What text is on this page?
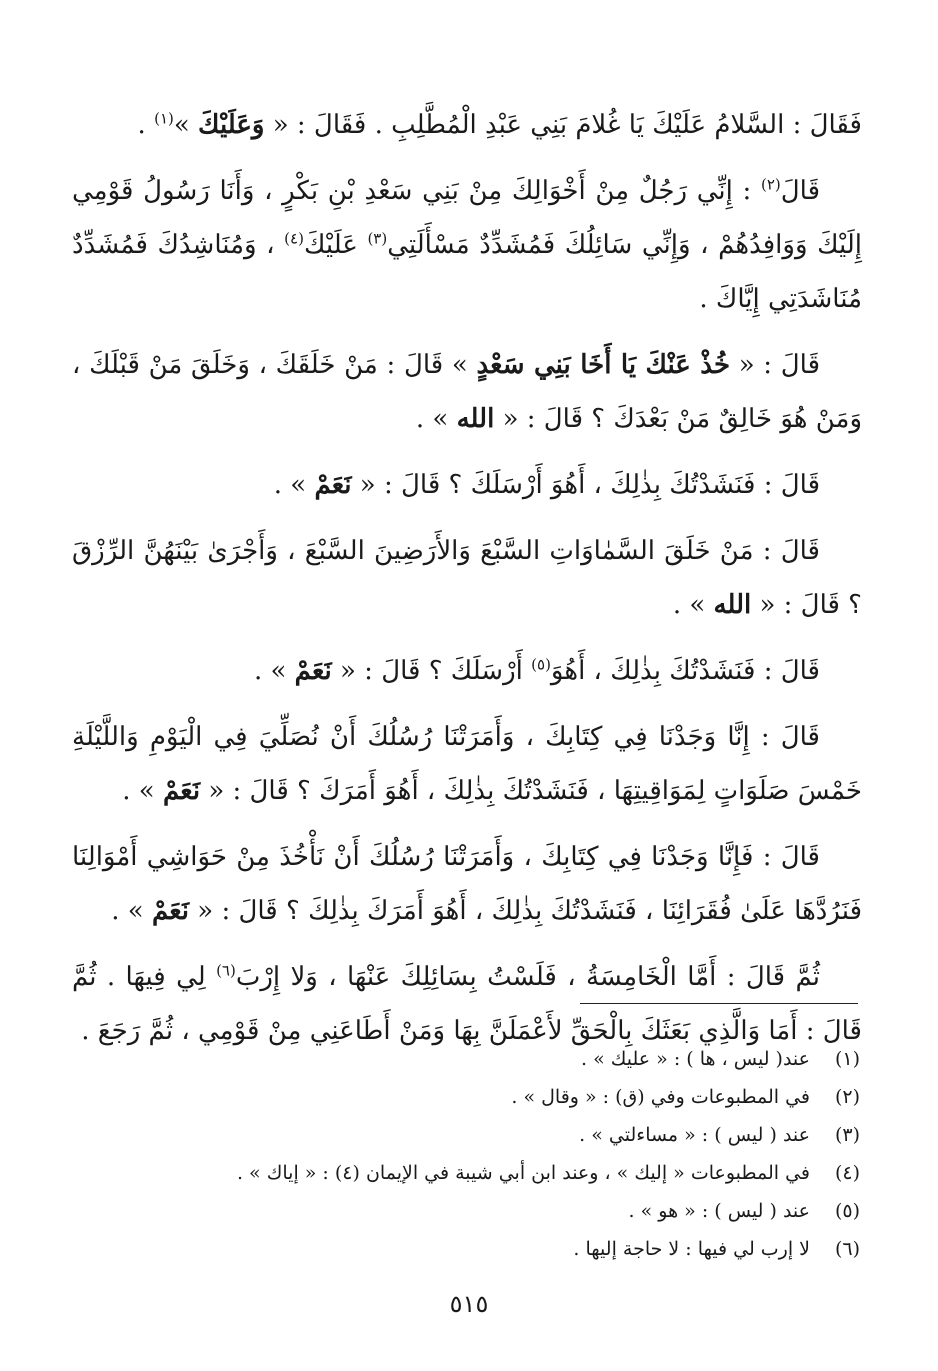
فَقَالَ : السَّلامُ عَلَيْكَ يَا غُلامَ بَنِي عَبْدِ الْمُطَّلِبِ . فَقَالَ : « وَعَلَيْكَ »$^{(١)}$ .

قَالَ$^{(٢)}$ : إِنِّي رَجُلٌ مِنْ أَخْوَالِكَ مِنْ بَنِي سَعْدِ بْنِ بَكْرٍ ، وَأَنَا رَسُولُ قَوْمِي إِلَيْكَ وَوَافِدُهُمْ ، وَإِنِّي سَائِلُكَ فَمُشَدِّدٌ مَسْأَلَتِي$^{(٣)}$ عَلَيْكَ$^{(٤)}$ ، وَمُنَاشِدُكَ فَمُشَدِّدٌ مُنَاشَدَتِي إِيَّاكَ .

قَالَ : « خُذْ عَنْكَ يَا أَخَا بَنِي سَعْدٍ » قَالَ : مَنْ خَلَقَكَ ، وَخَلَقَ مَنْ قَبْلَكَ ، وَمَنْ هُوَ خَالِقٌ مَنْ بَعْدَكَ ؟ قَالَ : « الله » .

قَالَ : فَنَشَدْتُكَ بِذٰلِكَ ، أَهُوَ أَرْسَلَكَ ؟ قَالَ : « نَعَمْ » .

قَالَ : مَنْ خَلَقَ السَّمٰاوَاتِ السَّبْعَ وَالأَرَضِينَ السَّبْعَ ، وَأَجْرَىٰ بَيْنَهُنَّ الرِّزْقَ ؟ قَالَ : « الله » .

قَالَ : فَنَشَدْتُكَ بِذٰلِكَ ، أَهُوَ$^{(٥)}$ أَرْسَلَكَ ؟ قَالَ : « نَعَمْ » .

قَالَ : إِنَّا وَجَدْنَا فِي كِتَابِكَ ، وَأَمَرَتْنَا رُسُلُكَ أَنْ نُصَلِّيَ فِي الْيَوْمِ وَاللَّيْلَةِ خَمْسَ صَلَوَاتٍ لِمَوَاقِيتِهَا ، فَنَشَدْتُكَ بِذٰلِكَ ، أَهُوَ أَمَرَكَ ؟ قَالَ : « نَعَمْ » .

قَالَ : فَإِنَّا وَجَدْنَا فِي كِتَابِكَ ، وَأَمَرَتْنَا رُسُلُكَ أَنْ نَأْخُذَ مِنْ حَوَاشِي أَمْوَالِنَا فَنَرُدَّهَا عَلَىٰ فُقَرَائِنَا ، فَنَشَدْتُكَ بِذٰلِكَ ، أَهُوَ أَمَرَكَ بِذٰلِكَ ؟ قَالَ : « نَعَمْ » .

ثُمَّ قَالَ : أَمَّا الْخَامِسَةُ ، فَلَسْتُ بِسَائِلِكَ عَنْهَا ، وَلا إِرْبَ$^{(٦)}$ لِي فِيهَا . ثُمَّ قَالَ : أَمَا وَالَّذِي بَعَثَكَ بِالْحَقِّ لأَعْمَلَنَّ بِهَا وَمَنْ أَطَاعَنِي مِنْ قَوْمِي ، ثُمَّ رَجَعَ .

(١)
عند( ليس ، ها ) : « عليك » .
(٢)
في المطبوعات وفي (ق) : « وقال » .
(٣)
عند ( ليس ) : « مساءلتي » .
(٤)
في المطبوعات « إليك » ، وعند ابن أبي شيبة في الإيمان (٤) : « إياك » .
(٥)
عند ( ليس ) : « هو » .
(٦)
لا إرب لي فيها : لا حاجة إليها .
٥١٥
